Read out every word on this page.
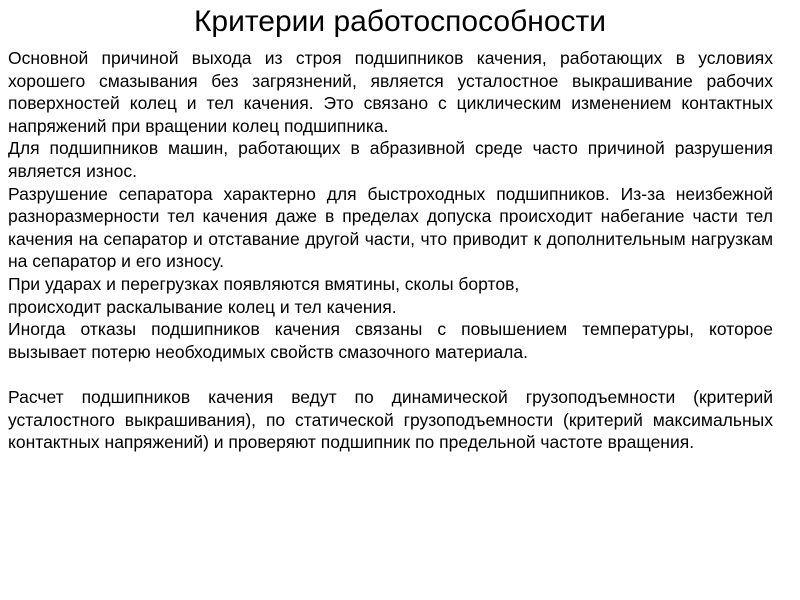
Критерии работоспособности

Основной причиной выхода из строя подшипников качения, работающих в условиях хорошего смазывания без загрязнений, является усталостное выкрашивание рабочих поверхностей колец и тел качения. Это связано с циклическим изменением контактных напряжений при вращении колец подшипника.

Для подшипников машин, работающих в абразивной среде часто причиной разрушения является износ.

Разрушение сепаратора характерно для быстроходных подшипников. Из-за неизбежной разноразмерности тел качения даже в пределах допуска происходит набегание части тел качения на сепаратор и отставание другой части, что приводит к дополнительным нагрузкам на сепаратор и его износу.

При ударах и перегрузках появляются вмятины, сколы бортов,
происходит раскалывание колец и тел качения.

Иногда отказы подшипников качения связаны с повышением температуры, которое вызывает потерю необходимых свойств смазочного материала.

Расчет подшипников качения ведут по динамической грузоподъемности (критерий усталостного выкрашивания), по статической грузоподъемности (критерий максимальных контактных напряжений) и проверяют подшипник по предельной частоте вращения.
